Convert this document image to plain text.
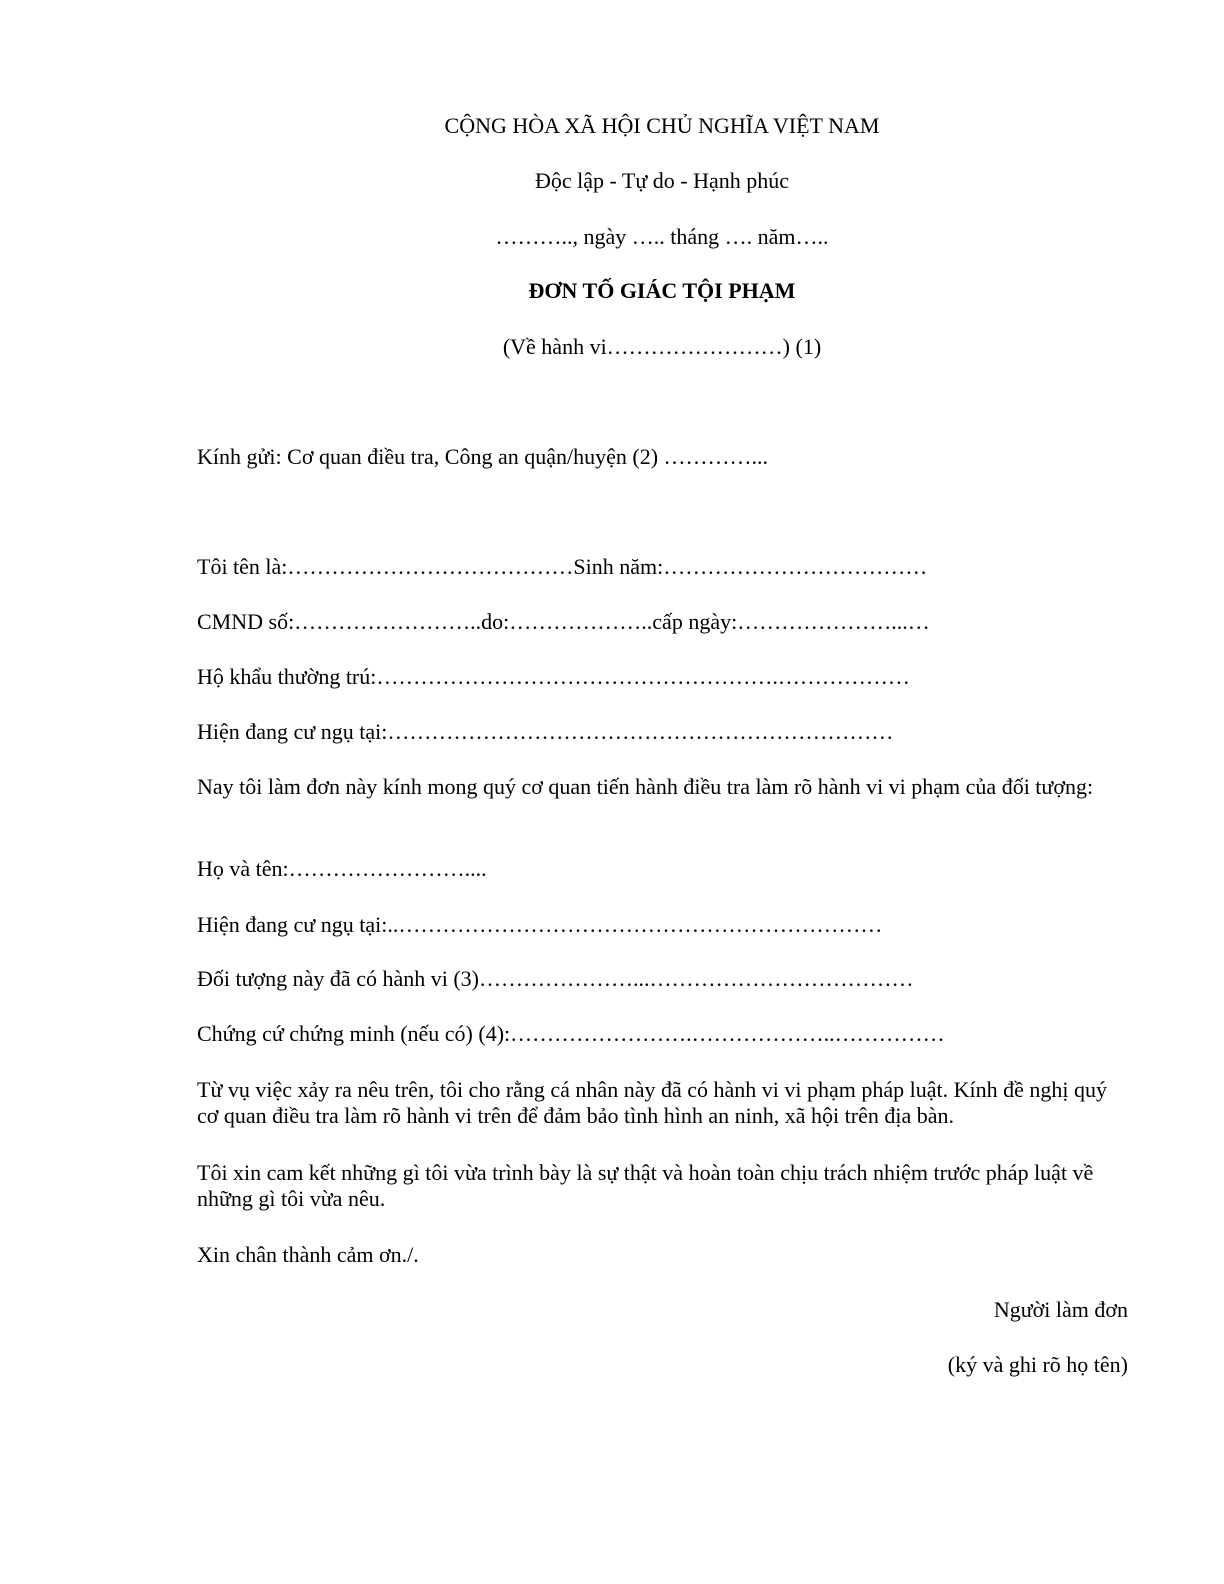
CỘNG HÒA XÃ HỘI CHỦ NGHĨA VIỆT NAM
Độc lập - Tự do - Hạnh phúc
……….., ngày ….. tháng …. năm…..
ĐƠN TỐ GIÁC TỘI PHẠM
(Về hành vi……………………) (1)
Kính gửi: Cơ quan điều tra, Công an quận/huyện (2) …………...
Tôi tên là:…………………………………Sinh năm:………………………………
CMND số:……………………..do:………………..cấp ngày:…………………...…
Hộ khẩu thường trú:……………………………………………….………………
Hiện đang cư ngụ tại:……………………………………………………………
Nay tôi làm đơn này kính mong quý cơ quan tiến hành điều tra làm rõ hành vi vi phạm của đối tượng:
Họ và tên:……………………....
Hiện đang cư ngụ tại:..…………………………………………………………
Đối tượng này đã có hành vi (3)…………………...………………………………
Chứng cứ chứng minh (nếu có) (4):…………………….………………..……………
Từ vụ việc xảy ra nêu trên, tôi cho rằng cá nhân này đã có hành vi vi phạm pháp luật. Kính đề nghị quý cơ quan điều tra làm rõ hành vi trên để đảm bảo tình hình an ninh, xã hội trên địa bàn.
Tôi xin cam kết những gì tôi vừa trình bày là sự thật và hoàn toàn chịu trách nhiệm trước pháp luật về những gì tôi vừa nêu.
Xin chân thành cảm ơn./.
Người làm đơn
(ký và ghi rõ họ tên)
